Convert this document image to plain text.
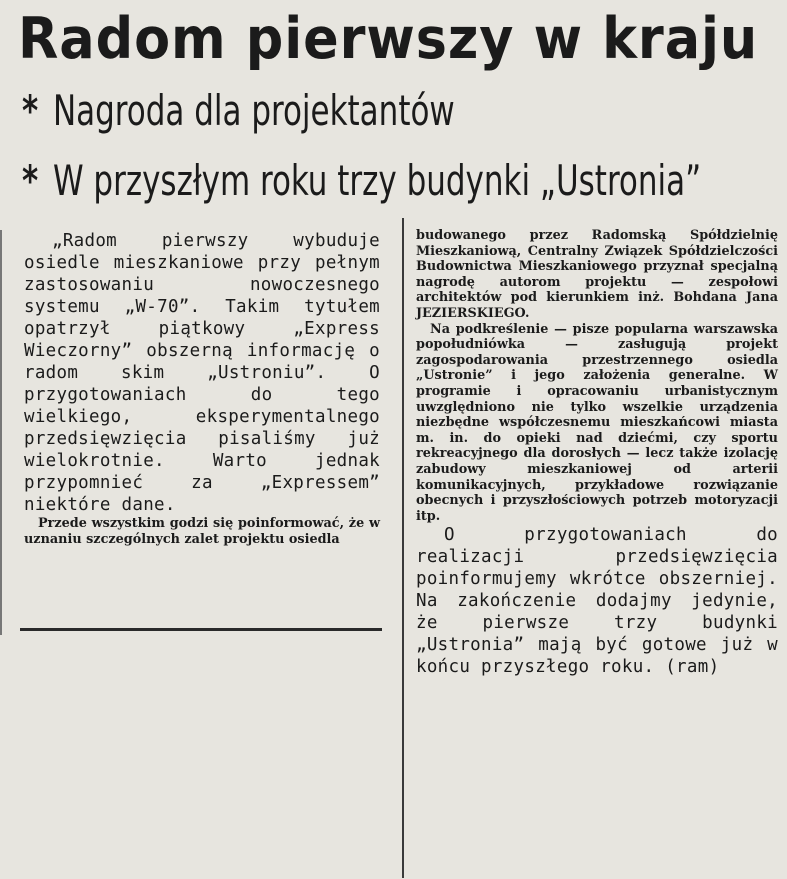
Radom pierwszy w kraju
* Nagroda dla projektantów
* W przyszłym roku trzy budynki „Ustronia”

„Radom pierwszy wybuduje osiedle mieszkaniowe przy pełnym zastosowaniu nowoczesnego systemu „W-70”. Takim tytułem opatrzył piątkowy „Express Wieczorny” obszerną informację o radom skim „Ustroniu”. O przygotowaniach do tego wielkiego, eksperymentalnego przedsięwzięcia pisaliśmy już wielokrotnie. Warto jednak przypomnieć za „Expressem” niektóre dane.

Przede wszystkim godzi się poinformować, że w uznaniu szczególnych zalet projektu osiedla

budowanego przez Radomską Spółdzielnię Mieszkaniową, Centralny Związek Spółdzielczości Budownictwa Mieszkaniowego przyznał specjalną nagrodę autorom projektu — zespołowi architektów pod kierunkiem inż. Bohdana Jana JEZIERSKIEGO.

Na podkreślenie — pisze popularna warszawska popołudniówka — zasługują projekt zagospodarowania przestrzennego osiedla „Ustronie” i jego założenia generalne. W programie i opracowaniu urbanistycznym uwzględniono nie tylko wszelkie urządzenia niezbędne współczesnemu mieszkańcowi miasta m. in. do opieki nad dziećmi, czy sportu rekreacyjnego dla dorosłych — lecz także izolację zabudowy mieszkaniowej od arterii komunikacyjnych, przykładowe rozwiązanie obecnych i przyszłościowych potrzeb motoryzacji itp.

O przygotowaniach do realizacji przedsięwzięcia poinformujemy wkrótce obszerniej. Na zakończenie dodajmy jedynie, że pierwsze trzy budynki „Ustronia” mają być gotowe już w końcu przyszłego roku. (ram)
